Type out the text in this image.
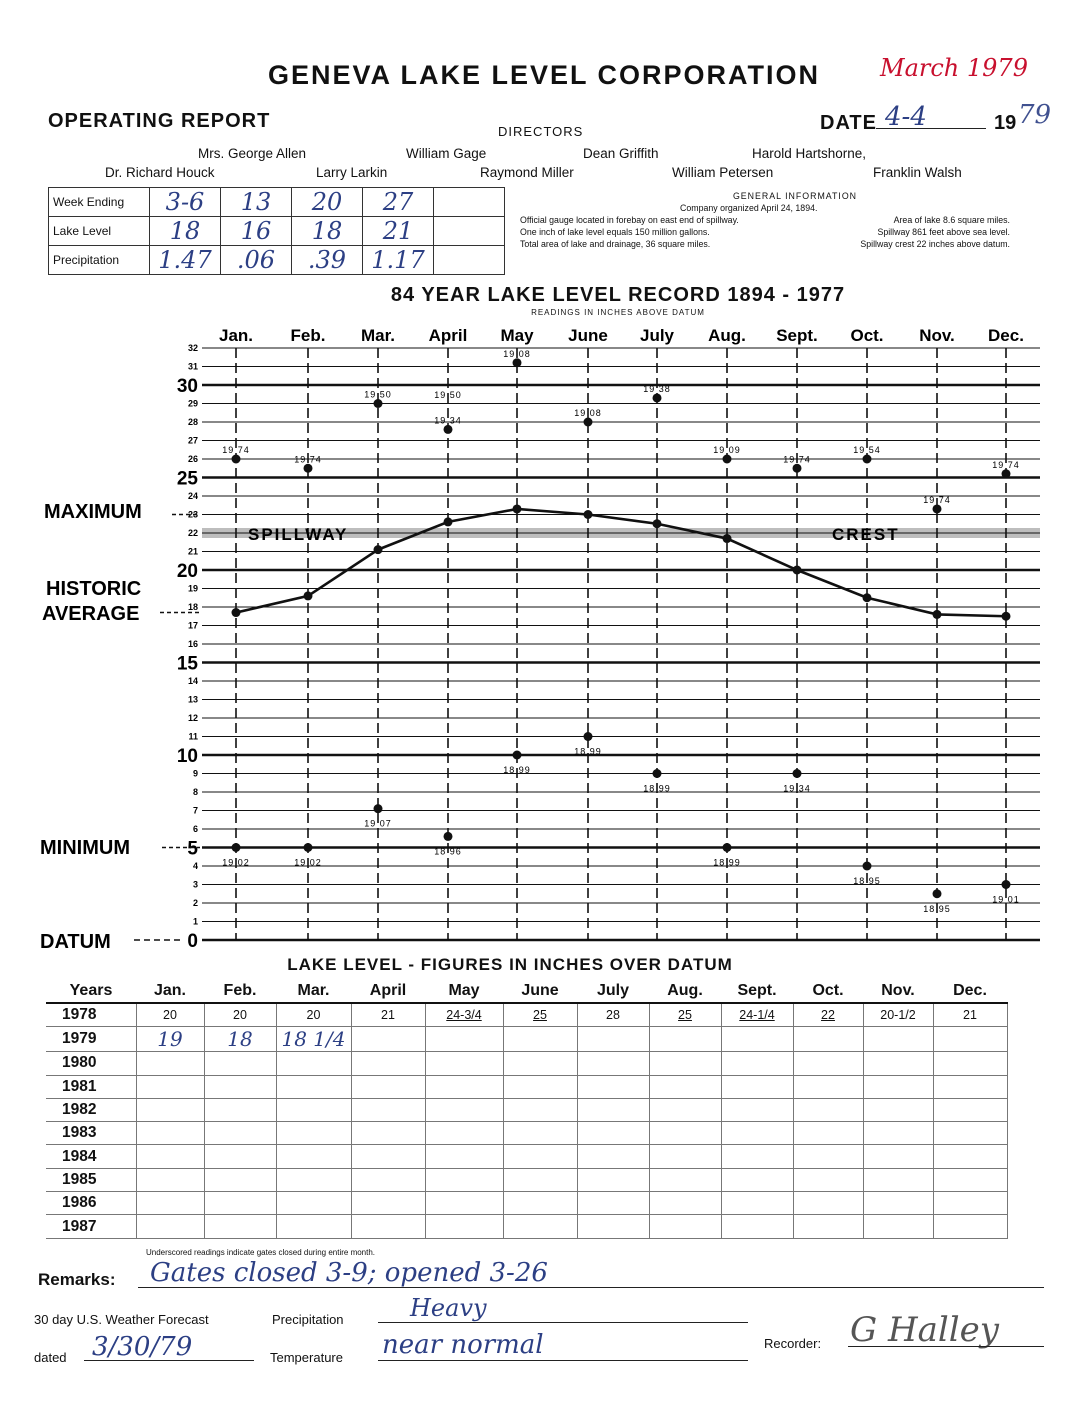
GENEVA LAKE LEVEL CORPORATION	March 1979
OPERATING REPORT	DATE 4-4	19 79
DIRECTORS
Mrs. George Allen	William Gage	Dean Griffith	Harold Hartshorne,
Dr. Richard Houck	Larry Larkin	Raymond Miller	William Petersen	Franklin Walsh
Week Ending	3-6	13	20	27	
Lake Level	18	16	18	21	
Precipitation	1.47	.06	.39	1.17	
GENERAL INFORMATION
Company organized April 24, 1894.
Official gauge located in forebay on east end of spillway.	Area of lake 8.6 square miles.
One inch of lake level equals 150 million gallons.	Spillway 861 feet above sea level.
Total area of lake and drainage, 36 square miles.	Spillway crest 22 inches above datum.
84 YEAR LAKE LEVEL RECORD 1894 - 1977
READINGS IN INCHES ABOVE DATUM
0
1
2
3
4
5
6
7
8
9
10
11
12
13
14
15
16
17
18
19
20
21
22
23
24
25
26
27
28
29
30
31
32
Jan. Feb. Mar. April May June July Aug. Sept. Oct. Nov. Dec.
SPILLWAY	CREST
MAXIMUM
HISTORIC
AVERAGE
MINIMUM
DATUM
19 74
19 74
19 50
19 34
19 08
19 08
19 38
19 09
19 74
19 54
19 74
19 74
19 50
19 02	19 02
19 07
18 96
18 99
18 99
18 99
18 99
19 34
18 95
18 95
19 01
LAKE LEVEL - FIGURES IN INCHES OVER DATUM
Years	Jan.	Feb.	Mar.	April	May	June	July	Aug.	Sept.	Oct.	Nov.	Dec.
1978	20	20	20	21	24-3/4	25	28	25	24-1/4	22	20-1/2	21
1979	19	18	18 1/4									
1980												
1981												
1982												
1983												
1984												
1985												
1986												
1987												
Underscored readings indicate gates closed during entire month.
Remarks: Gates closed 3-9; opened 3-26
30 day U.S. Weather Forecast	Precipitation	Heavy
dated 3/30/79	Temperature near normal	Recorder: G Halley
